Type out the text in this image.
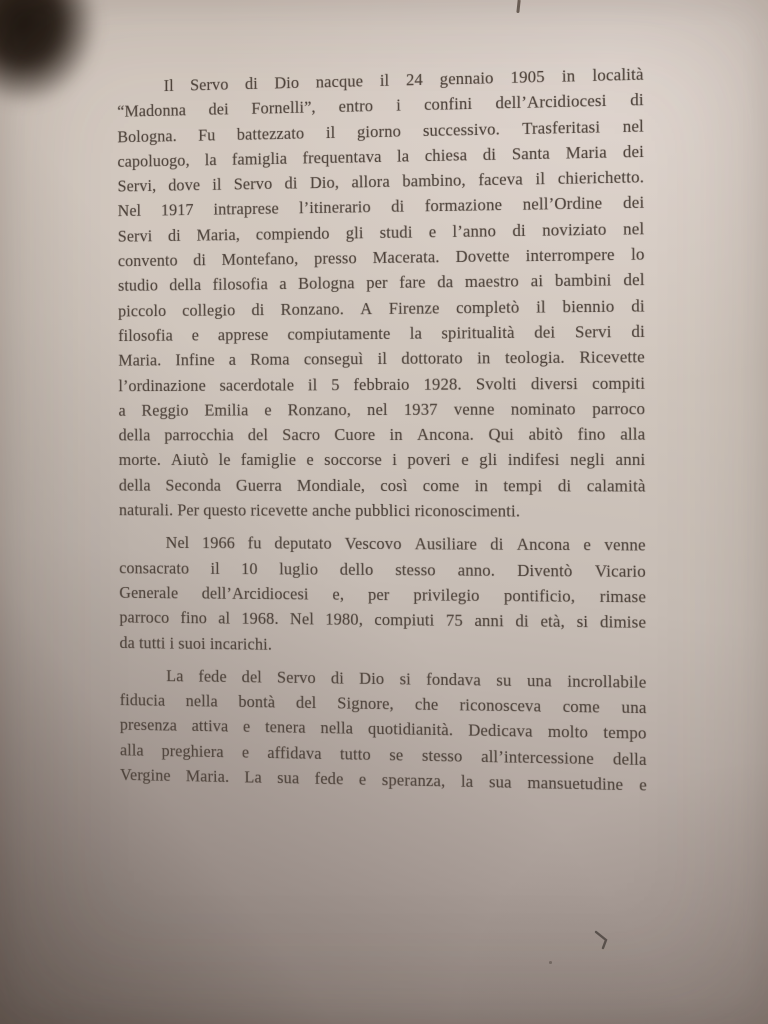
Il Servo di Dio nacque il 24 gennaio 1905 in località
“Madonna dei Fornelli”, entro i confini dell’Arcidiocesi di
Bologna. Fu battezzato il giorno successivo. Trasferitasi nel
capoluogo, la famiglia frequentava la chiesa di Santa Maria dei
Servi, dove il Servo di Dio, allora bambino, faceva il chierichetto.
Nel 1917 intraprese l’itinerario di formazione nell’Ordine dei
Servi di Maria, compiendo gli studi e l’anno di noviziato nel
convento di Montefano, presso Macerata. Dovette interrompere lo
studio della filosofia a Bologna per fare da maestro ai bambini del
piccolo collegio di Ronzano. A Firenze completò il biennio di
filosofia e apprese compiutamente la spiritualità dei Servi di
Maria. Infine a Roma conseguì il dottorato in teologia. Ricevette
l’ordinazione sacerdotale il 5 febbraio 1928. Svolti diversi compiti
a Reggio Emilia e Ronzano, nel 1937 venne nominato parroco
della parrocchia del Sacro Cuore in Ancona. Qui abitò fino alla
morte. Aiutò le famiglie e soccorse i poveri e gli indifesi negli anni
della Seconda Guerra Mondiale, così come in tempi di calamità
naturali. Per questo ricevette anche pubblici riconoscimenti.
Nel 1966 fu deputato Vescovo Ausiliare di Ancona e venne
consacrato il 10 luglio dello stesso anno. Diventò Vicario
Generale dell’Arcidiocesi e, per privilegio pontificio, rimase
parroco fino al 1968. Nel 1980, compiuti 75 anni di età, si dimise
da tutti i suoi incarichi.
La fede del Servo di Dio si fondava su una incrollabile
fiducia nella bontà del Signore, che riconosceva come una
presenza attiva e tenera nella quotidianità. Dedicava molto tempo
alla preghiera e affidava tutto se stesso all’intercessione della
Vergine Maria. La sua fede e speranza, la sua mansuetudine e
